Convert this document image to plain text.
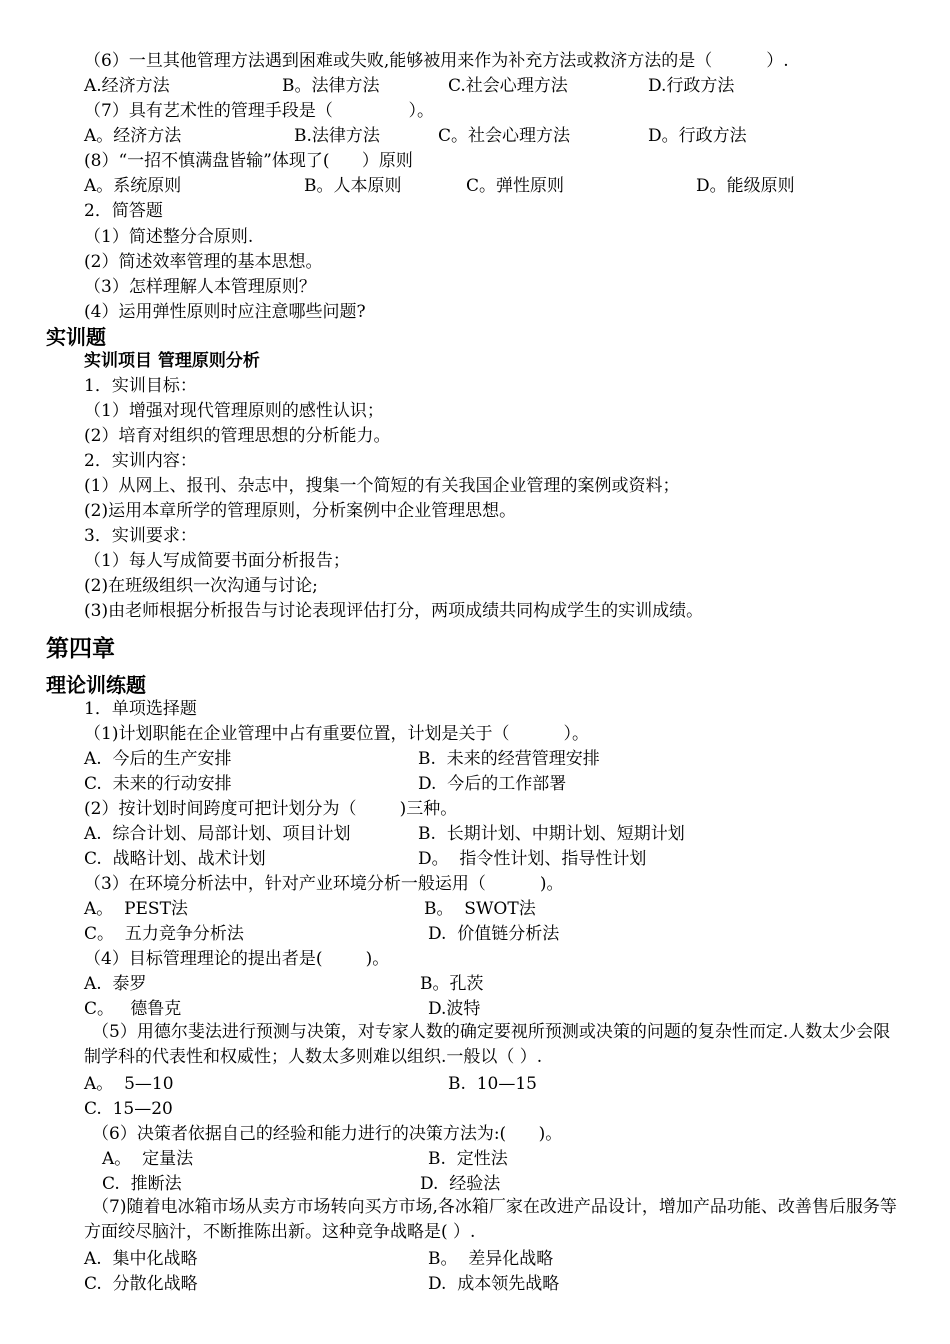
（6）一旦其他管理方法遇到困难或失败,能够被用来作为补充方法或救济方法的是（          ）.
A.经济方法	B。法律方法	C.社会心理方法	D.行政方法
（7）具有艺术性的管理手段是（              ）。
A。经济方法	B.法律方法	C。社会心理方法	D。行政方法
(8）“一招不慎满盘皆输”体现了(      ）原则
A。系统原则	B。人本原则	C。弹性原则	D。能级原则
2．简答题
（1）简述整分合原则.
(2）简述效率管理的基本思想。
（3）怎样理解人本管理原则？
(4）运用弹性原则时应注意哪些问题?
实训题
实训项目 管理原则分析
1．实训目标：
（1）增强对现代管理原则的感性认识；
(2）培育对组织的管理思想的分析能力。
2．实训内容：
(1）从网上、报刊、杂志中，搜集一个简短的有关我国企业管理的案例或资料；
(2)运用本章所学的管理原则，分析案例中企业管理思想。
3．实训要求：
（1）每人写成简要书面分析报告；
(2)在班级组织一次沟通与讨论;
(3)由老师根据分析报告与讨论表现评估打分，两项成绩共同构成学生的实训成绩。
第四章
理论训练题
1．单项选择题
（1)计划职能在企业管理中占有重要位置，计划是关于（          ）。
A.  今后的生产安排	B.  未来的经营管理安排
C.  未来的行动安排	D.  今后的工作部署
(2）按计划时间跨度可把计划分为（        )三种。
A.  综合计划、局部计划、项目计划	B.  长期计划、中期计划、短期计划
C.  战略计划、战术计划	D。  指令性计划、指导性计划
（3）在环境分析法中，针对产业环境分析一般运用（          )。
A。  PEST法	B。  SWOT法
C。  五力竞争分析法	D.  价值链分析法
（4）目标管理理论的提出者是(        )。
A.  泰罗	B。孔茨
C。   德鲁克	D.波特
（5）用德尔斐法进行预测与决策，对专家人数的确定要视所预测或决策的问题的复杂性而定.人数太少会限制学科的代表性和权威性；人数太多则难以组织.一般以（ ）.
A。  5—10	B.  10—15
C.  15—20
（6）决策者依据自己的经验和能力进行的决策方法为:(      )。
A。  定量法	B.  定性法
C.  推断法	D.  经验法
（7)随着电冰箱市场从卖方市场转向买方市场,各冰箱厂家在改进产品设计，增加产品功能、改善售后服务等方面绞尽脑汁，不断推陈出新。这种竞争战略是( ）.
A.  集中化战略	B。  差异化战略
C.  分散化战略	D.  成本领先战略
